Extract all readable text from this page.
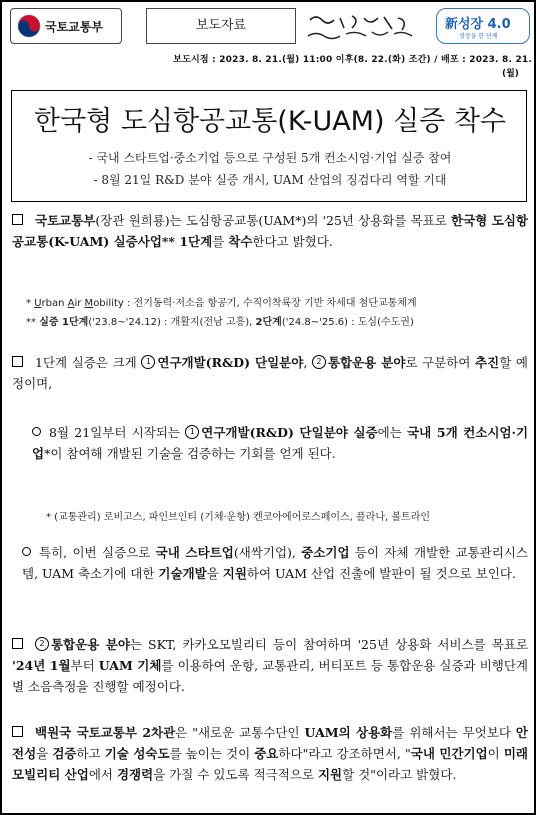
국토교통부	보도자료	新성장 4.0
성장을 한 단계
보도시점 : 2023. 8. 21.(월) 11:00 이후(8. 22.(화) 조간) / 배포 : 2023. 8. 21.
(월)
한국형 도심항공교통(K-UAM) 실증 착수
- 국내 스타트업·중소기업 등으로 구성된 5개 컨소시엄·기업 실증 참여
- 8월 21일 R&D 분야 실증 개시, UAM 산업의 징검다리 역할 기대
국토교통부(장관 원희룡)는 도심항공교통(UAM*)의 '25년 상용화를 목표로 한국형 도심항공교통(K-UAM) 실증사업** 1단계를 착수한다고 밝혔다.
* Urban Air Mobility : 전기동력·저소음 항공기, 수직이착륙장 기반 차세대 첨단교통체계
** 실증 1단계('23.8~'24.12) : 개활지(전남 고흥), 2단계('24.8~'25.6) : 도심(수도권)
1단계 실증은 크게 1 연구개발(R&D) 단일분야, 2 통합운용 분야로 구분하여 추진할 예정이며,
8월 21일부터 시작되는 1 연구개발(R&D) 단일분야 실증에는 국내 5개 컨소시엄·기업*이 참여해 개발된 기술을 검증하는 기회를 얻게 된다.
* (교통관리) 로비고스, 파인브인티 (기체·운항) 켄코아에어로스페이스, 플라나, 볼트라인
특히, 이번 실증으로 국내 스타트업(새싹기업), 중소기업 등이 자체 개발한 교통관리시스템, UAM 축소기에 대한 기술개발을 지원하여 UAM 산업 진출에 발판이 될 것으로 보인다.
2 통합운용 분야는 SKT, 카카오모빌리티 등이 참여하며 '25년 상용화 서비스를 목표로 '24년 1월부터 UAM 기체를 이용하여 운항, 교통관리, 버티포트 등 통합운용 실증과 비행단계별 소음측정을 진행할 예정이다.
백원국 국토교통부 2차관은 "새로운 교통수단인 UAM의 상용화를 위해서는 무엇보다 안전성을 검증하고 기술 성숙도를 높이는 것이 중요하다"라고 강조하면서, "국내 민간기업이 미래 모빌리티 산업에서 경쟁력을 가질 수 있도록 적극적으로 지원할 것"이라고 밝혔다.
